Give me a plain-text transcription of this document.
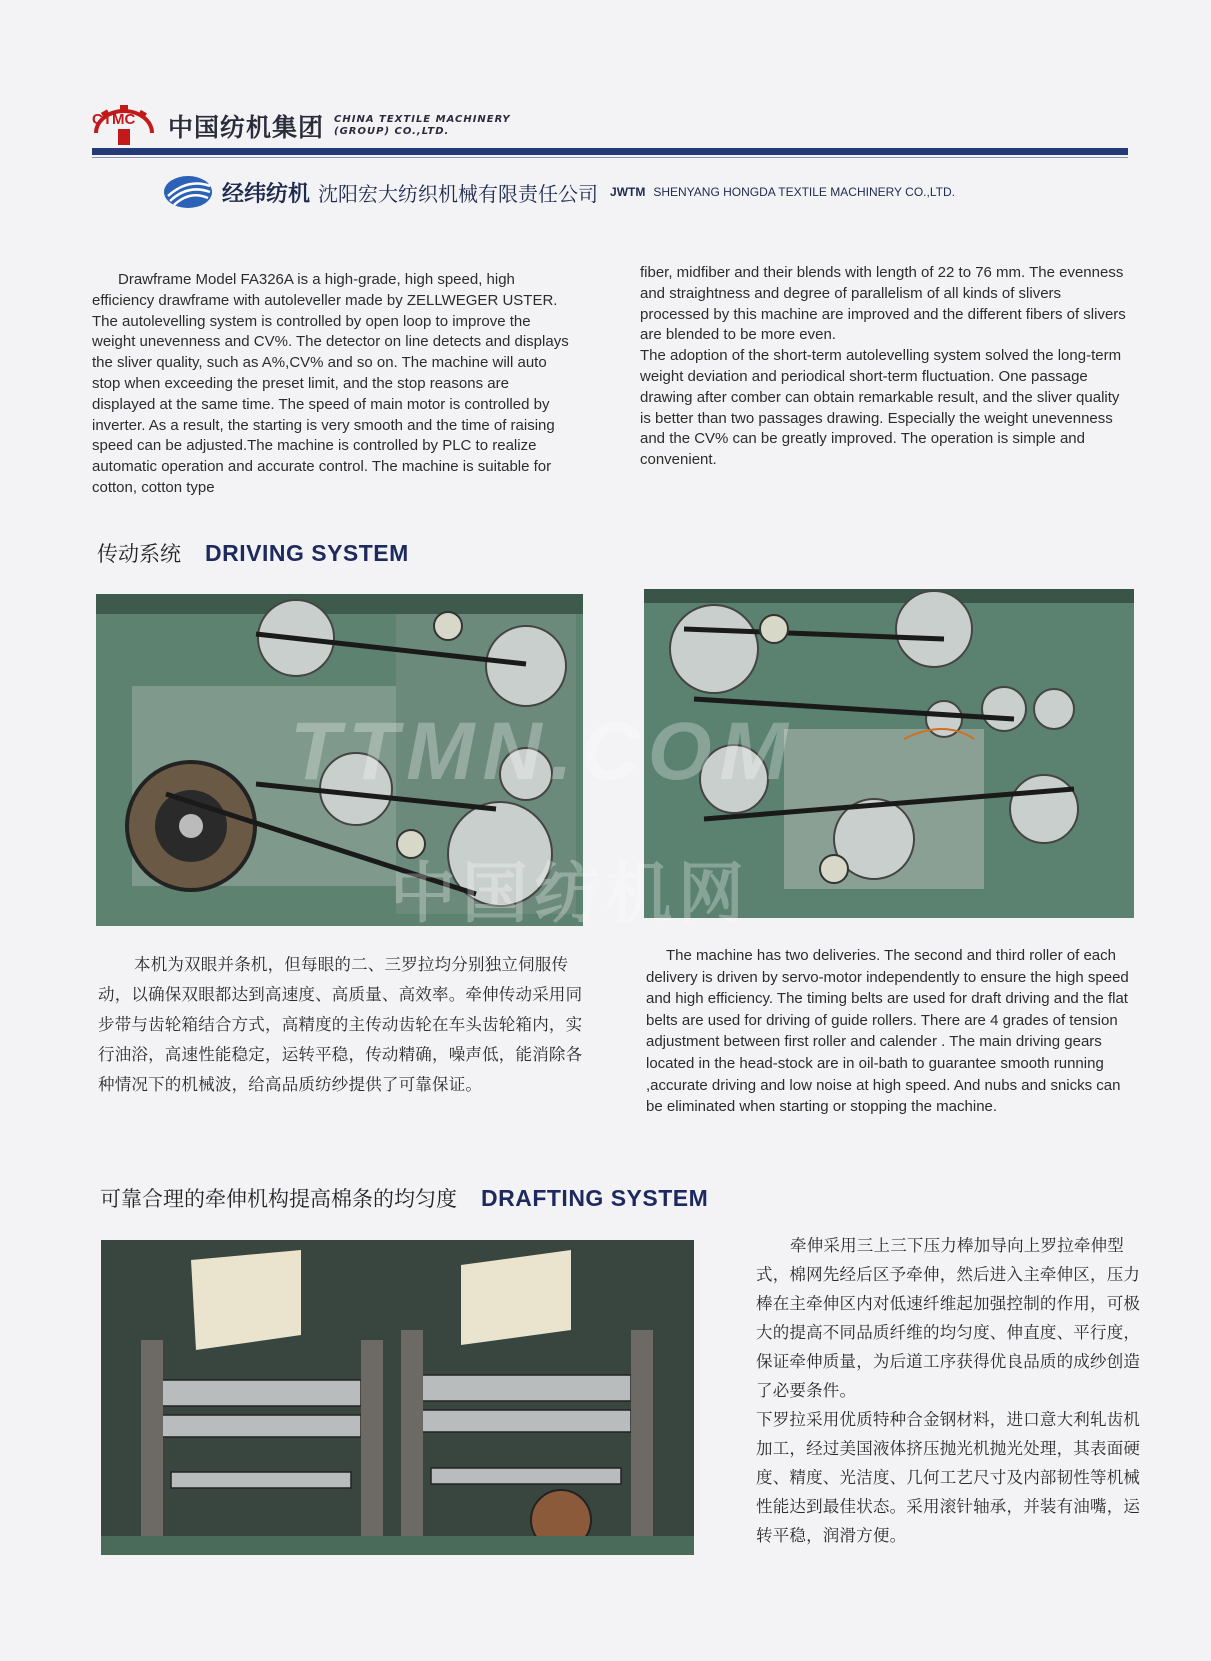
CTMC 中国纺机集团 CHINA TEXTILE MACHINERY
(GROUP) CO.,LTD.
经纬纺机 沈阳宏大纺织机械有限责任公司 JWTM SHENYANG HONGDA TEXTILE MACHINERY CO.,LTD.

Drawframe Model FA326A is a high-grade, high speed, high efficiency drawframe with autoleveller made by ZELLWEGER USTER. The autolevelling system is controlled by open loop to improve the weight unevenness and CV%. The detector on line detects and displays the sliver quality, such as A%,CV% and so on. The machine will auto stop when exceeding the preset limit, and the stop reasons are displayed at the same time. The speed of main motor is controlled by inverter. As a result, the starting is very smooth and the time of raising speed can be adjusted.The machine is controlled by PLC to realize automatic operation and accurate control. The machine is suitable for cotton, cotton type

fiber, midfiber and their blends with length of 22 to 76 mm. The evenness and straightness and degree of parallelism of all kinds of slivers processed by this machine are improved and the different fibers of slivers are blended to be more even.

The adoption of the short-term autolevelling system solved the long-term weight deviation and periodical short-term fluctuation. One passage drawing after comber can obtain remarkable result, and the sliver quality is better than two passages drawing. Especially the weight unevenness and the CV% can be greatly improved. The operation is simple and convenient.

传动系统 DRIVING SYSTEM
TTMN.COM
中国纺机网
本机为双眼并条机，但每眼的二、三罗拉均分别独立伺服传动，以确保双眼都达到高速度、高质量、高效率。牵伸传动采用同步带与齿轮箱结合方式，高精度的主传动齿轮在车头齿轮箱内，实行油浴，高速性能稳定，运转平稳，传动精确，噪声低，能消除各种情况下的机械波，给高品质纺纱提供了可靠保证。
The machine has two deliveries. The second and third roller of each delivery is driven by servo-motor independently to ensure the high speed and high efficiency. The timing belts are used for draft driving and the flat belts are used for driving of guide rollers. There are 4 grades of tension adjustment between first roller and calender . The main driving gears located in the head-stock are in oil-bath to guarantee smooth running ,accurate driving and low noise at high speed. And nubs and snicks can be eliminated when starting or stopping the machine.
可靠合理的牵伸机构提高棉条的均匀度 DRAFTING SYSTEM

牵伸采用三上三下压力棒加导向上罗拉牵伸型式，棉网先经后区予牵伸，然后进入主牵伸区，压力棒在主牵伸区内对低速纤维起加强控制的作用，可极大的提高不同品质纤维的均匀度、伸直度、平行度，保证牵伸质量，为后道工序获得优良品质的成纱创造了必要条件。

下罗拉采用优质特种合金钢材料，进口意大利轧齿机加工，经过美国液体挤压抛光机抛光处理，其表面硬度、精度、光洁度、几何工艺尺寸及内部韧性等机械性能达到最佳状态。采用滚针轴承，并装有油嘴，运转平稳，润滑方便。
